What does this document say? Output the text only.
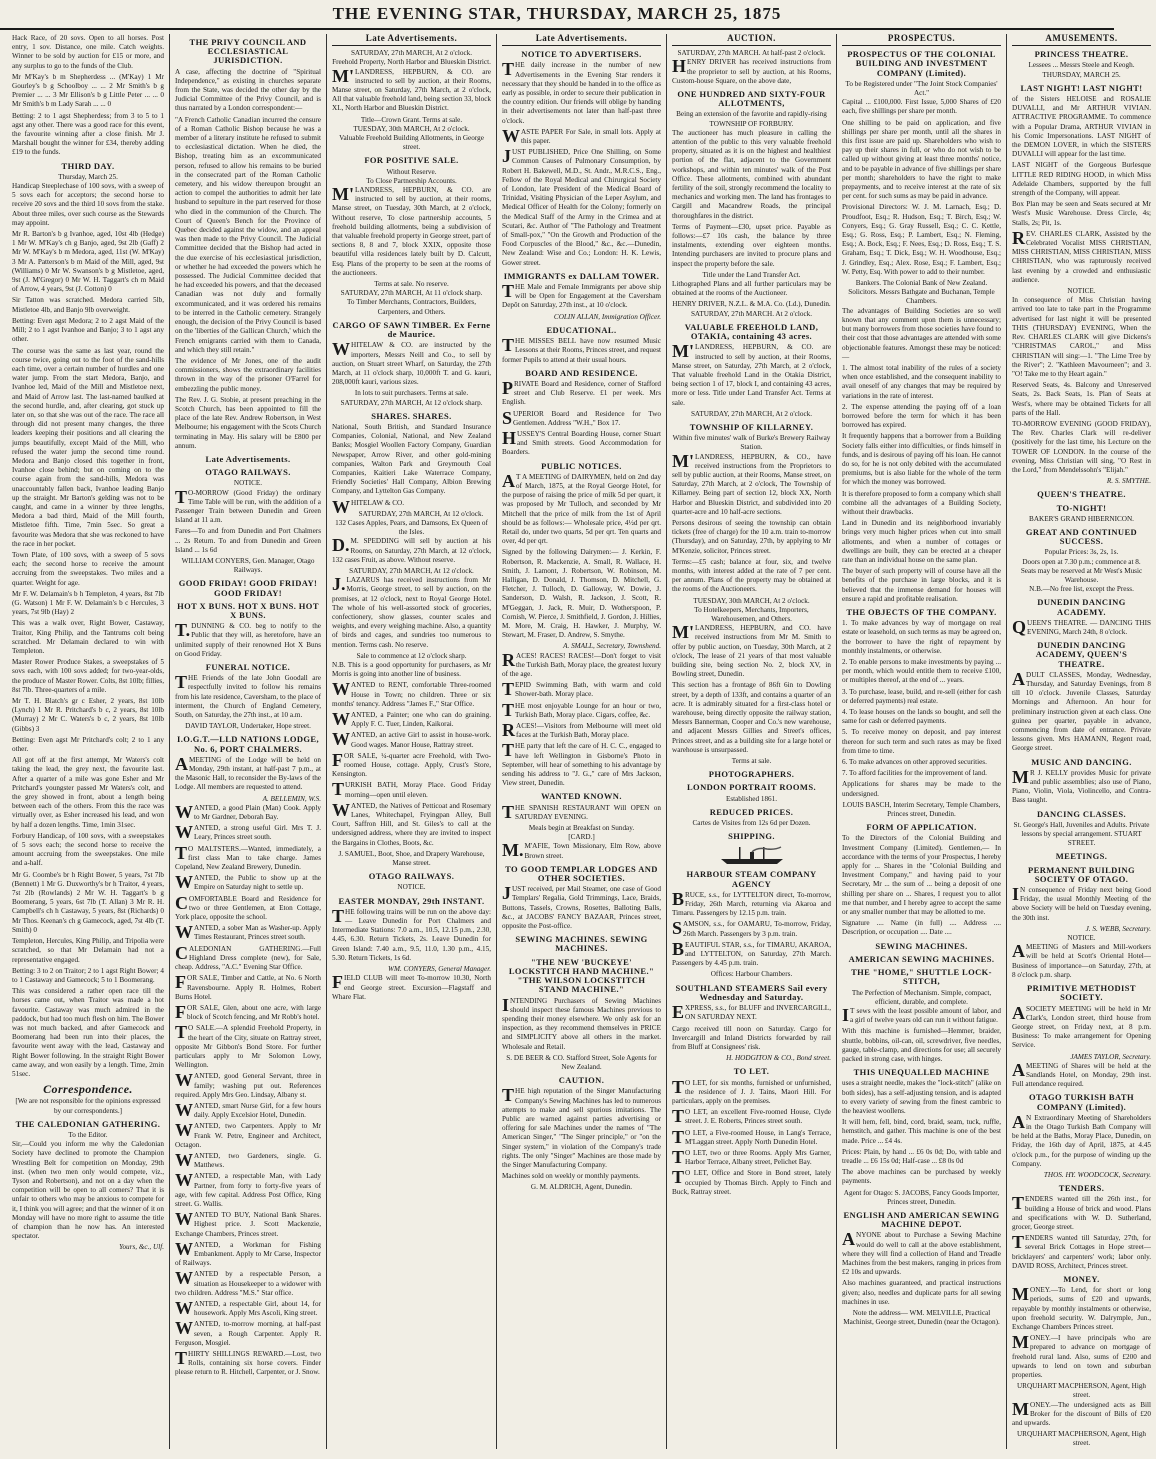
THE EVENING STAR, THURSDAY, MARCH 25, 1875

Hack Race, of 20 sovs. Open to all horses. Post entry, 1 sov. Distance, one mile. Catch weights. Winner to be sold by auction for £15 or more, and any surplus to go to the funds of the Club.

Mr M'Kay's b m Shepherdess ... (M'Kay) 1 Mr Gourley's b g Schoolboy ... ... 2 Mr Smith's b g Premier ... ... 3 Mr Ellison's b g Little Peter ... ... 0 Mr Smith's b m Lady Sarah ... ... 0

Betting: 2 to 1 agst Shepherdess; from 3 to 5 to 1 agst any other. There was a good race for this event, the favourite winning after a close finish. Mr J. Marshall bought the winner for £34, thereby adding £19 to the funds.

THIRD DAY.
Thursday, March 25.

Handicap Steeplechase of 100 sovs, with a sweep of 5 sovs each for acceptors; the second horse to receive 20 sovs and the third 10 sovs from the stake. About three miles, over such course as the Stewards may appoint.

Mr R. Barton's b g Ivanhoe, aged, 10st 4lb (Hedge) 1 Mr W. M'Kay's ch g Banjo, aged, 9st 2lb (Gaff) 2 Mr W. M'Kay's b m Medora, aged, 11st (W. M'Kay) 3 Mr A. Patterson's b m Maid of the Mill, aged, 9st (Williams) 0 Mr W. Swanson's b g Mistletoe, aged, 9st (J. M'Gregor) 0 Mr W. H. Taggart's ch m Maid of Arrow, 4 years, 9st (J. Cotton) 0

Sir Tatton was scratched. Medora carried 5lb, Mistletoe 4lb, and Banjo 9lb overweight.

Betting: Even agst Medora; 2 to 2 agst Maid of the Mill; 2 to 1 agst Ivanhoe and Banjo; 3 to 1 agst any other.

The course was the same as last year, round the course twice, going out to the foot of the sand-hills each time, over a certain number of hurdles and one water jump. From the start Medora, Banjo, and Ivanhoe led, Maid of the Mill and Mistletoe next, and Maid of Arrow last. The last-named baulked at the second hurdle, and, after clearing, got stuck up later on, so that she was out of the race. The race all through did not present many changes, the three leaders keeping their positions and all clearing the jumps beautifully, except Maid of the Mill, who refused the water jump the second time round. Medora and Banjo closed this together in front, Ivanhoe close behind; but on coming on to the course again from the sand-hills, Medora was unaccountably fallen back, Ivanhoe leading Banjo up the straight. Mr Barton's gelding was not to be caught, and came in a winner by three lengths, Medora a bad third, Maid of the Mill fourth, Mistletoe fifth. Time, 7min 5sec. So great a favourite was Medora that she was reckoned to have the race in her pocket.

Town Plate, of 100 sovs, with a sweep of 5 sovs each; the second horse to receive the amount accruing from the sweepstakes. Two miles and a quarter. Weight for age.

Mr F. W. Delamain's b h Templeton, 4 years, 8st 7lb (G. Watson) 1 Mr F. W. Delamain's b c Hercules, 3 years, 7st 9lb (Hay) 2

This was a walk over, Right Bower, Castaway, Traitor, King Philip, and the Tantrums colt being scratched. Mr Delamain declared to win with Templeton.

Master Rower Produce Stakes, a sweepstakes of 5 sovs each, with 100 sovs added; for two-year-olds, the produce of Master Rower. Colts, 8st 10lb; fillies, 8st 7lb. Three-quarters of a mile.

Mr T. H. Blatch's gr c Esher, 2 years, 8st 10lb (Lynch) 1 Mr R. Pritchard's b c, 2 years, 8st 10lb (Murray) 2 Mr C. Waters's b c, 2 years, 8st 10lb (Gibbs) 3

Betting: Even agst Mr Pritchard's colt; 2 to 1 any other.

All got off at the first attempt, Mr Waters's colt taking the lead, the grey next, the favourite last. After a quarter of a mile was gone Esher and Mr Pritchard's youngster passed Mr Waters's colt, and the grey showed in front, about a length being between each of the others. From this the race was virtually over, as Esher increased his lead, and won by half a dozen lengths. Time, 1min 31sec.

Forbury Handicap, of 100 sovs, with a sweepstakes of 5 sovs each; the second horse to receive the amount accruing from the sweepstakes. One mile and a-half.

Mr G. Coombe's br h Right Bower, 5 years, 7st 7lb (Bennett) 1 Mr G. Duxworthy's br h Traitor, 4 years, 7st 2lb (Rowlands) 2 Mr W. H. Taggart's b g Boomerang, 5 years, 6st 7lb (T. Allan) 3 Mr R. H. Campbell's ch h Castaway, 5 years, 8st (Richards) 0 Mr Thos. Keenan's ch g Gamecock, aged, 7st 4lb (T. Smith) 0

Templeton, Hercules, King Philip, and Tripolia were scratched, so that Mr Delamain had not a representative engaged.

Betting: 3 to 2 on Traitor; 2 to 1 agst Right Bower; 4 to 1 Castaway and Gamecock; 5 to 1 Boomerang.

This was considered a rather open race till the horses came out, when Traitor was made a hot favourite. Castaway was much admired in the paddock, but had too much flesh on him. The Bower was not much backed, and after Gamecock and Boomerang had been run into their places, the favourite went away with the lead, Castaway and Right Bower following. In the straight Right Bower came away, and won easily by a length. Time, 2min 51sec.

Correspondence.
[We are not responsible for the opinions expressed by our correspondents.]
THE CALEDONIAN GATHERING.
To the Editor.

Sir,—Could you inform me why the Caledonian Society have declined to promote the Champion Wrestling Belt for competition on Monday, 29th inst. (when two men only would compete, viz., Tyson and Robertson), and not on a day when the competition will be open to all comers? That it is unfair to others who may be anxious to compete for it, I think you will agree; and that the winner of it on Monday will have no more right to assume the title of champion than he now has. An interested spectator.

Yours, &c., Ulf.
THE PRIVY COUNCIL AND ECCLESIASTICAL JURISDICTION.

A case, affecting the doctrine of "Spiritual Independence," as existing in churches separate from the State, was decided the other day by the Judicial Committee of the Privy Council, and is thus narrated by a London correspondent:—

"A French Catholic Canadian incurred the censure of a Roman Catholic Bishop because he was a member of a literary institute he refused to submit to ecclesiastical dictation. When he died, the Bishop, treating him as an excommunicated person, refused to allow his remains to be buried in the consecrated part of the Roman Catholic cemetery, and his widow thereupon brought an action to compel the authorities to admit her late husband to sepulture in the part reserved for those who died in the communion of the Church. The Court of Queen's Bench for the Province of Quebec decided against the widow, and an appeal was then made to the Privy Council. The Judicial Committee decided that the Bishop had acted in the due exercise of his ecclesiastical jurisdiction, or whether he had exceeded the powers which he possessed. The Judicial Committee decided that he had exceeded his powers, and that the deceased Canadian was not duly and formally excommunicated, and it was ordered his remains to be interred in the Catholic cemetery. Strangely enough, the decision of the Privy Council is based on the 'liberties of the Gallican Church,' which the French emigrants carried with them to Canada, and which they still retain."

The evidence of Mr Jones, one of the audit commissioners, shows the extraordinary facilities thrown in the way of the prisoner O'Farrel for embezzling the public money.

The Rev. J. G. Stobie, at present preaching in the Scotch Church, has been appointed to fill the place of the late Rev. Andrew Robertson, in West Melbourne; his engagement with the Scots Church terminating in May. His salary will be £800 per annum.

Late Advertisements.
OTAGO RAILWAYS.
NOTICE.

TO-MORROW (Good Friday) the ordinary Time Table will be run, with the addition of a Passenger Train between Dunedin and Green Island at 11 a.m.

Fares—To and from Dunedin and Port Chalmers ... 2s Return. To and from Dunedin and Green Island ... 1s 6d

WILLIAM CONYERS, Gen. Manager, Otago Railways.
GOOD FRIDAY! GOOD FRIDAY! GOOD FRIDAY!
HOT X BUNS. HOT X BUNS. HOT X BUNS.

T.DUNNING & CO. beg to notify to the Public that they will, as heretofore, have an unlimited supply of their renowned Hot X Buns on Good Friday.

FUNERAL NOTICE.

THE Friends of the late John Goodall are respectfully invited to follow his remains from his late residence, Caversham, to the place of interment, the Church of England Cemetery, South, on Saturday, the 27th inst., at 10 a.m.

DAVID TAYLOR, Undertaker, Hope street.
I.O.G.T.—LLD NATIONS LODGE, No. 6, PORT CHALMERS.

AMEETING of the Lodge will be held on Monday, 29th instant, at half-past 7 p.m., at the Masonic Hall, to reconsider the By-laws of the Lodge. All members are requested to attend.

A. BELLEMIN, W.S.

WANTED, a good Plain (Man) Cook. Apply to Mr Gardner, Deborah Bay.

WANTED, a strong useful Girl. Mrs T. J. Leary, Princes street south.

TO MALTSTERS.—Wanted, immediately, a first class Man to take charge. James Copeland, New Zealand Brewery, Dunedin.

WANTED, the Public to show up at the Empire on Saturday night to settle up.

COMFORTABLE Board and Residence for two or three Gentlemen, at Eton Cottage, York place, opposite the school.

WANTED, a sober Man as Washer-up. Apply Times Restaurant, Princes street south.

CALEDONIAN GATHERING.—Full Highland Dress complete (new), for Sale, cheap. Address, "A.C." Evening Star Office.

FOR SALE, Timber and Cattle, at No. 6 North Ravensbourne. Apply R. Holmes, Robert Burns Hotel.

FOR SALE, Glen, about one acre, with large block of Scotch fencing, and Mr Robb's hotel.

TO SALE.—A splendid Freehold Property, in the heart of the City, situate on Rattray street, opposite Mr Gibbon's Bond Store. For further particulars apply to Mr Solomon Lowy, Wellington.

WANTED, good General Servant, three in family; washing put out. References required. Apply Mrs Geo. Lindsay, Albany st.

WANTED, smart Nurse Girl, for a few hours daily. Apply Excelsior Hotel, Dunedin.

WANTED, two Carpenters. Apply to Mr Frank W. Petre, Engineer and Architect, Octagon.

WANTED, two Gardeners, single. G. Matthews.

WANTED, a respectable Man, with Lady Partner, from forty to forty-five years of age, with few capital. Address Post Office, King street. G. Wallis.

WANTED TO BUY, National Bank Shares. Highest price. J. Scott Mackenzie, Exchange Chambers, Princes street.

WANTED, a Workman for Fishing Embankment. Apply to Mr Carse, Inspector of Railways.

WANTED by a respectable Person, a situation as Housekeeper to a widower with two children. Address "M.S." Star office.

WANTED, a respectable Girl, about 14, for housework. Apply Mrs Ascoli, King street.

WANTED, to-morrow morning, at half-past seven, a Rough Carpenter. Apply R. Ferguson, Mosgiel.

THIRTY SHILLINGS REWARD.—Lost, two Rolls, containing six horse covers. Finder please return to R. Hitchell, Carpenter, or J. Snow.

Late Advertisements.
SATURDAY, 27th MARCH, At 2 o'clock.
Freehold Property, North Harbor and Blueskin District.

M'LANDRESS, HEPBURN, & CO. are instructed to sell by auction, at their Rooms, Manse street, on Saturday, 27th March, at 2 o'clock, All that valuable freehold land, being section 33, block XL, North Harbor and Blueskin District.

Title—Crown Grant. Terms at sale.
TUESDAY, 30th MARCH, At 2 o'clock.
Valuable Freehold Building Allotments, in George street.
FOR POSITIVE SALE.
Without Reserve.
To Close Partnership Accounts.

M'LANDRESS, HEPBURN, & CO. are instructed to sell by auction, at their rooms, Manse street, on Tuesday, 30th March, at 2 o'clock, Without reserve, To close partnership accounts, 5 freehold building allotments, being a subdivision of that valuable freehold property in George street, part of sections 8, 8 and 7, block XXIX, opposite those beautiful villa residences lately built by D. Calcutt, Esq. Plans of the property to be seen at the rooms of the auctioneers.

Terms at sale. No reserve.
SATURDAY, 27th MARCH, At 11 o'clock sharp.
To Timber Merchants, Contractors, Builders, Carpenters, and Others.
CARGO OF SAWN TIMBER. Ex Ferne de Maurice.

WHITELAW & CO. are instructed by the importers, Messrs Neill and Co., to sell by auction, on Stuart street Wharf, on Saturday, the 27th March, at 11 o'clock sharp, 10,000ft T. and G. kauri, 208,000ft kauri, various sizes.

In lots to suit purchasers. Terms at sale.
SATURDAY, 27th MARCH, At 12 o'clock sharp.
SHARES. SHARES.

National, South British, and Standard Insurance Companies, Colonial, National, and New Zealand Banks; Mosgiel Woollen Factory Company, Guardian Newspaper, Arrow River, and other gold-mining companies, Walton Park and Greymouth Coal Companies, Kaitieri Lake Waterrace Company, Friendly Societies' Hall Company, Albion Brewing Company, and Lyttelton Gas Company.

WHITELAW & CO.

SATURDAY, 27th MARCH, At 12 o'clock.
132 Cases Apples, Pears, and Damsons, Ex Queen of the Isles.

D.M. SPEDDING will sell by auction at his Rooms, on Saturday, 27th March, at 12 o'clock, 132 cases Fruit, as above. Without reserve.

SATURDAY, 27th MARCH, At 12 o'clock.

J.LAZARUS has received instructions from Mr Morris, George street, to sell by auction, on the premises, at 12 o'clock, next to Royal George Hotel. The whole of his well-assorted stock of groceries, confectionery, show glasses, counter scales and weights, and every weighing machine. Also, a quantity of birds and cages, and sundries too numerous to mention. Terms cash. No reserve.

Sale to commence at 12 o'clock sharp.

N.B. This is a good opportunity for purchasers, as Mr Morris is going into another line of business.

WANTED to RENT, comfortable Three-roomed House in Town; no children. Three or six months' tenancy. Address "James F.," Star Office.

WANTED, a Painter; one who can do graining. Apply F. C. Tuer, Linden, Kaikorai.

WANTED, an active Girl to assist in house-work. Good wages. Manor House, Rattray street.

FOR SALE, ¼-quarter acre Freehold, with Two-roomed House, cottage. Apply, Crust's Store, Kensington.

TURKISH BATH, Moray Place. Good Friday morning—open until eleven.

WANTED, the Natives of Petticoat and Rosemary Lanes, Whitechapel, Fryingpan Alley, Bull Court, Saffron Hill, and St. Giles's to call at the undersigned address, where they are invited to inspect the Bargains in Clothes, Boots, &c.

J. SAMUEL, Boot, Shoe, and Drapery Warehouse, Manse street.
OTAGO RAILWAYS.
NOTICE.
EASTER MONDAY, 29th INSTANT.

THE following trains will be run on the above day:— Leave Dunedin for Port Chalmers and Intermediate Stations: 7.0 a.m., 10.5, 12.15 p.m., 2.30, 4.45, 6.30. Return Tickets, 2s. Leave Dunedin for Green Island: 7.40 a.m., 9.5, 11.0, 1.30 p.m., 4.15, 5.30. Return Tickets, 1s 6d.

WM. CONYERS, General Manager.

FIELD CLUB will meet To-morrow 10.30, North end George street. Excursion—Flagstaff and Whare Flat.

Late Advertisements.
NOTICE TO ADVERTISERS.

THE daily increase in the number of new Advertisements in the Evening Star renders it necessary that they should be handed in to the office as early as possible, in order to secure their publication in the country edition. Our friends will oblige by handing in their advertisements not later than half-past three o'clock.

WASTE PAPER For Sale, in small lots. Apply at this paper.

JUST PUBLISHED, Price One Shilling, on Some Common Causes of Pulmonary Consumption, by Robert H. Bakewell, M.D., St. Andr., M.R.C.S., Eng., Fellow of the Royal Medical and Chirurgical Society of London, late President of the Medical Board of Trinidad, Visiting Physician of the Leper Asylum, and Medical Officer of Health for the Colony; formerly on the Medical Staff of the Army in the Crimea and at Scutari, &c. Author of "The Pathology and Treatment of Small-pox," "On the Growth and Production of the Food Corpuscles of the Blood," &c., &c.—Dunedin, New Zealand: Wise and Co.; London: H. K. Lewis, Gower street.

IMMIGRANTS ex DALLAM TOWER.

THE Male and Female Immigrants per above ship will be Open for Engagement at the Caversham Depôt on Saturday, 27th inst., at 10 o'clock.

COLIN ALLAN, Immigration Officer.
EDUCATIONAL.

THE MISSES BELL have now resumed Music Lessons at their Rooms, Princes street, and request former Pupils to attend at their usual hours.

BOARD AND RESIDENCE.

PRIVATE Board and Residence, corner of Stafford street and Club Reserve. £1 per week. Mrs English.

SUPERIOR Board and Residence for Two Gentlemen. Address "W.H.," Box 17.

HUSSEY'S Central Boarding House, corner Stuart and Smith streets. Good Accommodation for Boarders.

PUBLIC NOTICES.

AT A MEETING of DAIRYMEN, held on 2nd day of March, 1875, at the Royal George Hotel, for the purpose of raising the price of milk 5d per quart, it was proposed by Mr Tulloch, and seconded by Mr Mitchell that the price of milk from the 1st of April should be as follows:— Wholesale price, 4½d per qrt. Retail do, under two quarts, 5d per qrt. Ten quarts and over, 4d per qrt.

Signed by the following Dairymen:— J. Kerkin, F. Robertson, R. Mackenzie, A. Small, R. Wallace, H. Smith, J. Lamont, J. Robertson, W. Robinson, M. Halligan, D. Donald, J. Thomson, D. Mitchell, G. Fletcher, J. Tulloch, D. Galloway, W. Dowie, J. Sanderson, D. Walsh, R. Jackson, J. Scott, R. M'Geggan, J. Jack, R. Muir, D. Wotherspoon, P. Cornish, W. Pierce, J. Smithfield, J. Gordon, J. Hillies, M. More, M. Craig, H. Hawker, J. Murphy, W. Stewart, M. Fraser, D. Andrew, S. Smythe.

A. SMALL, Secretary, Townshend.

RACES! RACES! RACES!—Don't forget to visit the Turkish Bath, Moray place, the greatest luxury of the age.

TEPID Swimming Bath, with warm and cold Shower-bath. Moray place.

THE most enjoyable Lounge for an hour or two, Turkish Bath, Moray place. Cigars, coffee, &c.

RACES!—Visitors from Melbourne will meet old faces at the Turkish Bath, Moray place.

THE party that left the care of H. C. C., engaged to have left Wellington in Gisborne's Photo in September, will hear of something to his advantage by sending his address to "J. G.," care of Mrs Jackson, View street, Dunedin.

WANTED KNOWN.

THE SPANISH RESTAURANT Will OPEN on SATURDAY EVENING.

Meals begin at Breakfast on Sunday.
[CARD.]

M.M'AFIE, Town Missionary, Elm Row, above Brown street.

TO GOOD TEMPLAR LODGES AND OTHER SOCIETIES.

JUST received, per Mail Steamer, one case of Good Templars' Regalia, Gold Trimmings, Lace, Braids, Buttons, Tassels, Crowns, Rosettes, Balloting Balls, &c., at JACOBS' FANCY BAZAAR, Princes street, opposite the Post-office.

SEWING MACHINES. SEWING MACHINES.
"THE NEW 'BUCKEYE' LOCKSTITCH HAND MACHINE." "THE WILSON LOCKSTITCH STAND MACHINE."

INTENDING Purchasers of Sewing Machines should inspect these famous Machines previous to spending their money elsewhere. We only ask for an inspection, as they recommend themselves in PRICE and SIMPLICITY above all others in the market. Wholesale and Retail.

S. DE BEER & CO. Stafford Street, Sole Agents for New Zealand.
CAUTION.

THE high reputation of the Singer Manufacturing Company's Sewing Machines has led to numerous attempts to make and sell spurious imitations. The Public are warned against parties advertising or offering for sale Machines under the names of "The American Singer," "The Singer principle," or "on the Singer system," in violation of the Company's trade rights. The only "Singer" Machines are those made by the Singer Manufacturing Company.

Machines sold on weekly or monthly payments.

G. M. ALDRICH, Agent, Dunedin.
AUCTION.
SATURDAY, 27th MARCH. At half-past 2 o'clock.

HENRY DRIVER has received instructions from the proprietor to sell by auction, at his Rooms, Custom-house Square, on the above date,

ONE HUNDRED AND SIXTY-FOUR ALLOTMENTS,
Being an extension of the favorite and rapidly-rising TOWNSHIP OF FORBURY.

The auctioneer has much pleasure in calling the attention of the public to this very valuable freehold property, situated as it is on the highest and healthiest portion of the flat, adjacent to the Government workshops, and within ten minutes' walk of the Post Office. These allotments, combined with abundant fertility of the soil, strongly recommend the locality to mechanics and working men. The land has frontages to Cargill and Macandrew Roads, the principal thoroughfares in the district.

Terms of Payment—£30, upset price. Payable as follows:—£7 10s cash, the balance by three instalments, extending over eighteen months. Intending purchasers are invited to procure plans and inspect the property before the sale.

Title under the Land Transfer Act.

Lithographed Plans and all further particulars may be obtained at the rooms of the Auctioneer.

HENRY DRIVER, N.Z.L. & M.A. Co. (Ld.), Dunedin.
SATURDAY, 27th MARCH. At 2 o'clock.
VALUABLE FREEHOLD LAND, OTAKIA, containing 43 acres.

M'LANDRESS, HEPBURN, & CO. are instructed to sell by auction, at their Rooms, Manse street, on Saturday, 27th March, at 2 o'clock, That valuable freehold Land in the Otakia District, being section 1 of 17, block I, and containing 43 acres, more or less. Title under Land Transfer Act. Terms at sale.

SATURDAY, 27th MARCH, At 2 o'clock.
TOWNSHIP OF KILLARNEY.
Within five minutes' walk of Burke's Brewery Railway Station.

M'LANDRESS, HEPBURN, & CO., have received instructions from the Proprietors to sell by public auction, at their Rooms, Manse street, on Saturday, 27th March, at 2 o'clock, The Township of Killarney. Being part of section 12, block XX, North Harbor and Blueskin District, and subdivided into 20 quarter-acre and 10 half-acre sections.

Persons desirous of seeing the township can obtain tickets (free of charge) for the 10 a.m. train to-morrow (Thursday), and on Saturday, 27th, by applying to Mr M'Kenzie, solicitor, Princes street.

Terms:—£5 cash; balance at four, six, and twelve months, with interest added at the rate of 7 per cent. per annum. Plans of the property may be obtained at the rooms of the Auctioneers.

TUESDAY, 30th MARCH, At 2 o'clock.
To Hotelkeepers, Merchants, Importers, Warehousemen, and Others.

M'LANDRESS, HEPBURN, and CO. have received instructions from Mr M. Smith to offer by public auction, on Tuesday, 30th March, at 2 o'clock, The lease of 21 years of that most valuable building site, being section No. 2, block XV, in Bowling street, Dunedin.

This section has a frontage of 86ft 6in to Dowling street, by a depth of 133ft, and contains a quarter of an acre. It is admirably situated for a first-class hotel or warehouse, being directly opposite the railway station, Messrs Bannerman, Cooper and Co.'s new warehouse, and adjacent Messrs Gillies and Street's offices, Princes street, and as a building site for a large hotel or warehouse is unsurpassed.

Terms at sale.
PHOTOGRAPHERS.
LONDON PORTRAIT ROOMS.
Established 1861.
REDUCED PRICES.
Cartes de Visites from 12s 6d per Dozen.
SHIPPING.
HARBOUR STEAM COMPANY AGENCY

BRUCE, s.s., for LYTTELTON direct, To-morrow, Friday, 26th March, returning via Akaroa and Timaru. Passengers by 12.15 p.m. train.

SAMSON, s.s., for OAMARU, To-morrow, Friday, 26th March. Passengers by 3 p.m. train.

BEAUTIFUL STAR, s.s., for TIMARU, AKAROA, and LYTTELTON, on Saturday, 27th March. Passengers by 4.45 p.m. train.

Offices: Harbour Chambers.
SOUTHLAND STEAMERS Sail every Wednesday and Saturday.

EXPRESS, s.s., for BLUFF and INVERCARGILL, ON SATURDAY NEXT.

Cargo received till noon on Saturday. Cargo for Invercargill and Inland Districts forwarded by rail from Bluff at Consignees' risk.

H. HODGITON & CO., Bond street.
TO LET.

TO LET, for six months, furnished or unfurnished, the residence of J. J. Tains, Maori Hill. For particulars, apply on the premises.

TO LET, an excellent Five-roomed House, Clyde street. J. E. Roberts, Princes street south.

TO LET, a Five-roomed House, in Lang's Terrace, M'Laggan street. Apply North Dunedin Hotel.

TO LET, two or three Rooms. Apply Mrs Garner, Harbor Terrace, Albany street, Pelichet Bay.

TO LET, Office and Store in Bond street, lately occupied by Thomas Birch. Apply to Finch and Buck, Rattray street.

PROSPECTUS.
PROSPECTUS OF THE COLONIAL BUILDING AND INVESTMENT COMPANY (Limited).
To be Registered under "The Joint Stock Companies' Act."

Capital ... £100,000. First Issue, 5,000 Shares of £20 each, five shillings per share per month.

One shilling to be paid on application, and five shillings per share per month, until all the shares in this first issue are paid up. Shareholders who wish to pay up their shares in full, or who do not wish to be called up without giving at least three months' notice, and to be payable in advance of five shillings per share per month; shareholders to have the right to make prepayments, and to receive interest at the rate of six per cent. for such sums as may be paid in advance.

Provisional Directors: W. J. M. Larnach, Esq.; D. Proudfoot, Esq.; R. Hudson, Esq.; T. Birch, Esq.; W. Conyers, Esq.; G. Gray Russell, Esq.; C. C. Kettle, Esq.; G. Ross, Esq.; P. Lambert, Esq.; N. Fleming, Esq.; A. Bock, Esq.; F. Nees, Esq.; D. Ross, Esq.; T. S. Graham, Esq.; T. Dick, Esq.; W. H. Woodhouse, Esq.; J. Grindley, Esq.; Alex. Rose, Esq.; F. Lambert, Esq.; W. Petty, Esq. With power to add to their number.

Bankers. The Colonial Bank of New Zealand.
Solicitors. Messrs Bathgate and Buchanan, Temple Chambers.

The advantages of Building Societies are so well known that any comment upon them is unnecessary; but many borrowers from those societies have found to their cost that those advantages are attended with some objectionable features. Amongst these may be noticed:—

1. The almost total inability of the rules of a society when once established, and the consequent inability to avail oneself of any changes that may be required by variations in the rate of interest.

2. The expense attending the paying off of a loan borrowed before the term for which it has been borrowed has expired.

It frequently happens that a borrower from a Building Society falls either into difficulties, or finds himself in funds, and is desirous of paying off his loan. He cannot do so, for he is not only debited with the accumulated premiums, but is also liable for the whole of the term for which the money was borrowed.

It is therefore proposed to form a company which shall combine all the advantages of a Building Society, without their drawbacks.

Land in Dunedin and its neighborhood invariably brings very much higher prices when cut into small allotments, and when a number of cottages or dwellings are built, they can be erected at a cheaper rate than an individual house on the same plan.

The buyer of such property will of course have all the benefits of the purchase in large blocks, and it is believed that the immense demand for houses will ensure a rapid and profitable realisation.

THE OBJECTS OF THE COMPANY.

1. To make advances by way of mortgage on real estate or leasehold, on such terms as may be agreed on, the borrower to have the right of repayment by monthly instalments, or otherwise.

2. To enable persons to make investments by paying ... per month, which would entitle them to receive £100, or multiples thereof, at the end of ... years.

3. To purchase, lease, build, and re-sell (either for cash or deferred payments) real estate.

4. To lease houses on the lands so bought, and sell the same for cash or deferred payments.

5. To receive money on deposit, and pay interest thereon for such term and such rates as may be fixed from time to time.

6. To make advances on other approved securities.

7. To afford facilities for the improvement of land.

Applications for shares may be made to the undersigned.

LOUIS BASCH, Interim Secretary, Temple Chambers, Princes street, Dunedin.
FORM OF APPLICATION.

To the Directors of the Colonial Building and Investment Company (Limited). Gentlemen,— In accordance with the terms of your Prospectus, I hereby apply for ... Shares in the "Colonial Building and Investment Company," and having paid to your Secretary, Mr ... the sum of ... being a deposit of one shilling per share on ... Shares, I request you to allot me that number, and I hereby agree to accept the same or any smaller number that may be allotted to me.

Signature .... Name (in full) .... Address .... Description, or occupation .... Date ....

SEWING MACHINES.
AMERICAN SEWING MACHINES.
THE "HOME," SHUTTLE LOCK-STITCH,
The Perfection of Mechanism. Simple, compact, efficient, durable, and complete.

IT sews with the least possible amount of labor, and a girl of twelve years old can run it without fatigue.

With this machine is furnished—Hemmer, braider, shuttle, bobbins, oil-can, oil, screwdriver, five needles, gauge, table-clamp, and directions for use; all securely packed in strong case, with hinges.

THIS UNEQUALLED MACHINE

uses a straight needle, makes the "lock-stitch" (alike on both sides), has a self-adjusting tension, and is adapted to every variety of sewing from the finest cambric to the heaviest woollens.

It will hem, fell, bind, cord, braid, seam, tuck, ruffle, hemstitch, and gather. This machine is one of the best made. Price ... £4 4s.

Prices: Plain, by hand ... £6 0s 0d; Do, with table and treadle ... £6 15s 0d; Half-case ... £8 0s 0d

The above machines can be purchased by weekly payments.

Agent for Otago: S. JACOBS, Fancy Goods Importer, Princes street, Dunedin.
ENGLISH AND AMERICAN SEWING MACHINE DEPOT.

ANYONE about to Purchase a Sewing Machine would do well to call at the above establishment, where they will find a collection of Hand and Treadle Machines from the best makers, ranging in prices from £2 10s and upwards.

Also machines guaranteed, and practical instructions given; also, needles and duplicate parts for all sewing machines in use.

Note the address— WM. MELVILLE, Practical Machinist, George street, Dunedin (near the Octagon).
AMUSEMENTS.
PRINCESS THEATRE.
Lessees ... Messrs Steele and Keogh. THURSDAY, MARCH 25.
LAST NIGHT! LAST NIGHT!

of the Sisters HELOISE and ROSALIE DUVALLI, and Mr ARTHUR VIVIAN. ATTRACTIVE PROGRAMME. To commence with a Popular Drama, ARTHUR VIVIAN in his Comic Impersonations. LAST NIGHT of the DEMON LOVER, in which the SISTERS DUVALLI will appear for the last time.

LAST NIGHT of the Gorgeous Burlesque LITTLE RED RIDING HOOD, in which Miss Adelaide Chambers, supported by the full strength of the Company, will appear.

Box Plan may be seen and Seats secured at Mr West's Music Warehouse. Dress Circle, 4s; Stalls, 2s; Pit, 1s.

REV. CHARLES CLARK, Assisted by the Celebrated Vocalist MISS CHRISTIAN, MISS CHRISTIAN, MISS CHRISTIAN, MISS CHRISTIAN, who was rapturously received last evening by a crowded and enthusiastic audience.

NOTICE.

In consequence of Miss Christian having arrived too late to take part in the Programme advertised for last night it will be presented THIS (THURSDAY) EVENING, When the Rev. CHARLES CLARK will give Dickens's "CHRISTMAS CAROL," and Miss CHRISTIAN will sing:—1. "The Lime Tree by the River"; 2. "Kathleen Mavourneen"; and 3. "O! Take me to thy Heart again."

Reserved Seats, 4s. Balcony and Unreserved Seats, 2s. Back Seats, 1s. Plan of Seats at West's, where may be obtained Tickets for all parts of the Hall.

TO-MORROW EVENING (GOOD FRIDAY), The Rev. Charles Clark will re-deliver (positively for the last time, his Lecture on the TOWER OF LONDON. In the course of the evening, Miss Christian will sing, "O Rest in the Lord," from Mendelssohn's "Elijah."

R. S. SMYTHE.
QUEEN'S THEATRE.
TO-NIGHT!
BAKER'S GRAND HIBERNICON.
GREAT AND CONTINUED SUCCESS.
Popular Prices: 3s, 2s, 1s.
Doors open at 7.30 p.m.; commence at 8.
Seats may be reserved at Mr West's Music Warehouse.
N.B.—No free list, except the Press.
DUNEDIN DANCING ACADEMY.

QUEEN'S THEATRE. — DANCING THIS EVENING, March 24th, 8 o'clock.

DUNEDIN DANCING ACADEMY, QUEEN'S THEATRE.

ADULT CLASSES, Monday, Wednesday, Thursday, and Saturday Evenings, from 8 till 10 o'clock. Juvenile Classes, Saturday Mornings and Afternoon. An hour for preliminary instruction given at each class. One guinea per quarter, payable in advance, commencing from date of entrance. Private lessons given. Mrs HAMANN, Regent road, George street.

MUSIC AND DANCING.

MR J. KELLY provides Music for private and public assemblies; also use of Piano, Piano, Violin, Viola, Violincello, and Contra-Bass taught.

DANCING CLASSES.
St. George's Hall, Juveniles and Adults. Private lessons by special arrangement. STUART STREET.
MEETINGS.
PERMANENT BUILDING SOCIETY OF OTAGO.

IN consequence of Friday next being Good Friday, the usual Monthly Meeting of the above Society will be held on Tuesday evening, the 30th inst.

J. S. WEBB, Secretary.
NOTICE.

AMEETING of Masters and Mill-workers will be held at Scott's Oriental Hotel—Business of importance—on Saturday, 27th, at 8 o'clock p.m. sharp.

PRIMITIVE METHODIST SOCIETY.

ASOCIETY MEETING will be held in Mr Clark's, London street, third house from George street, on Friday next, at 8 p.m. Business: To make arrangement for Opening Service.

JAMES TAYLOR, Secretary.

AMEETING of Shares will be held at the Sandlands Hotel, on Monday, 29th inst. Full attendance required.

OTAGO TURKISH BATH COMPANY (Limited).

AN Extraordinary Meeting of Shareholders in the Otago Turkish Bath Company will be held at the Baths, Moray Place, Dunedin, on Friday, the 16th day of April, 1875, at 4.45 o'clock p.m., for the purpose of winding up the Company.

THOS. HY. WOODCOCK, Secretary.
TENDERS.

TENDERS wanted till the 26th inst., for building a House of brick and wood. Plans and specifications with W. D. Sutherland, grocer, George street.

TENDERS wanted till Saturday, 27th, for several Brick Cottages in Hope street—bricklayers' and carpenters' work; labor only. DAVID ROSS, Architect, Princes street.

MONEY.

MONEY.—To Lend, for short or long periods, sums of £20 and upwards, repayable by monthly instalments or otherwise, upon freehold security. W. Dalrymple, Jun., Exchange Chambers Princes street.

MONEY.—I have principals who are prepared to advance on mortgage of freehold rural land. Also, sums of £200 and upwards to lend on town and suburban properties.

URQUHART MACPHERSON, Agent, High street.

MONEY.—The undersigned acts as Bill Broker for the discount of Bills of £20 and upwards.

URQUHART MACPHERSON, Agent, High street.
